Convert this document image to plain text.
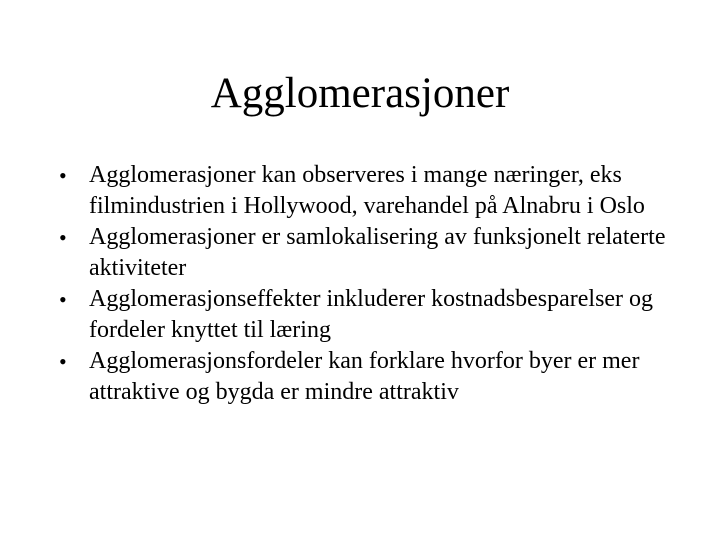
Agglomerasjoner
• Agglomerasjoner kan observeres i mange næringer, eks filmindustrien i Hollywood, varehandel på Alnabru i Oslo
• Agglomerasjoner er samlokalisering av funksjonelt relaterte aktiviteter
• Agglomerasjonseffekter inkluderer kostnadsbesparelser og fordeler knyttet til læring
• Agglomerasjonsfordeler kan forklare hvorfor byer er mer attraktive og bygda er mindre attraktiv
